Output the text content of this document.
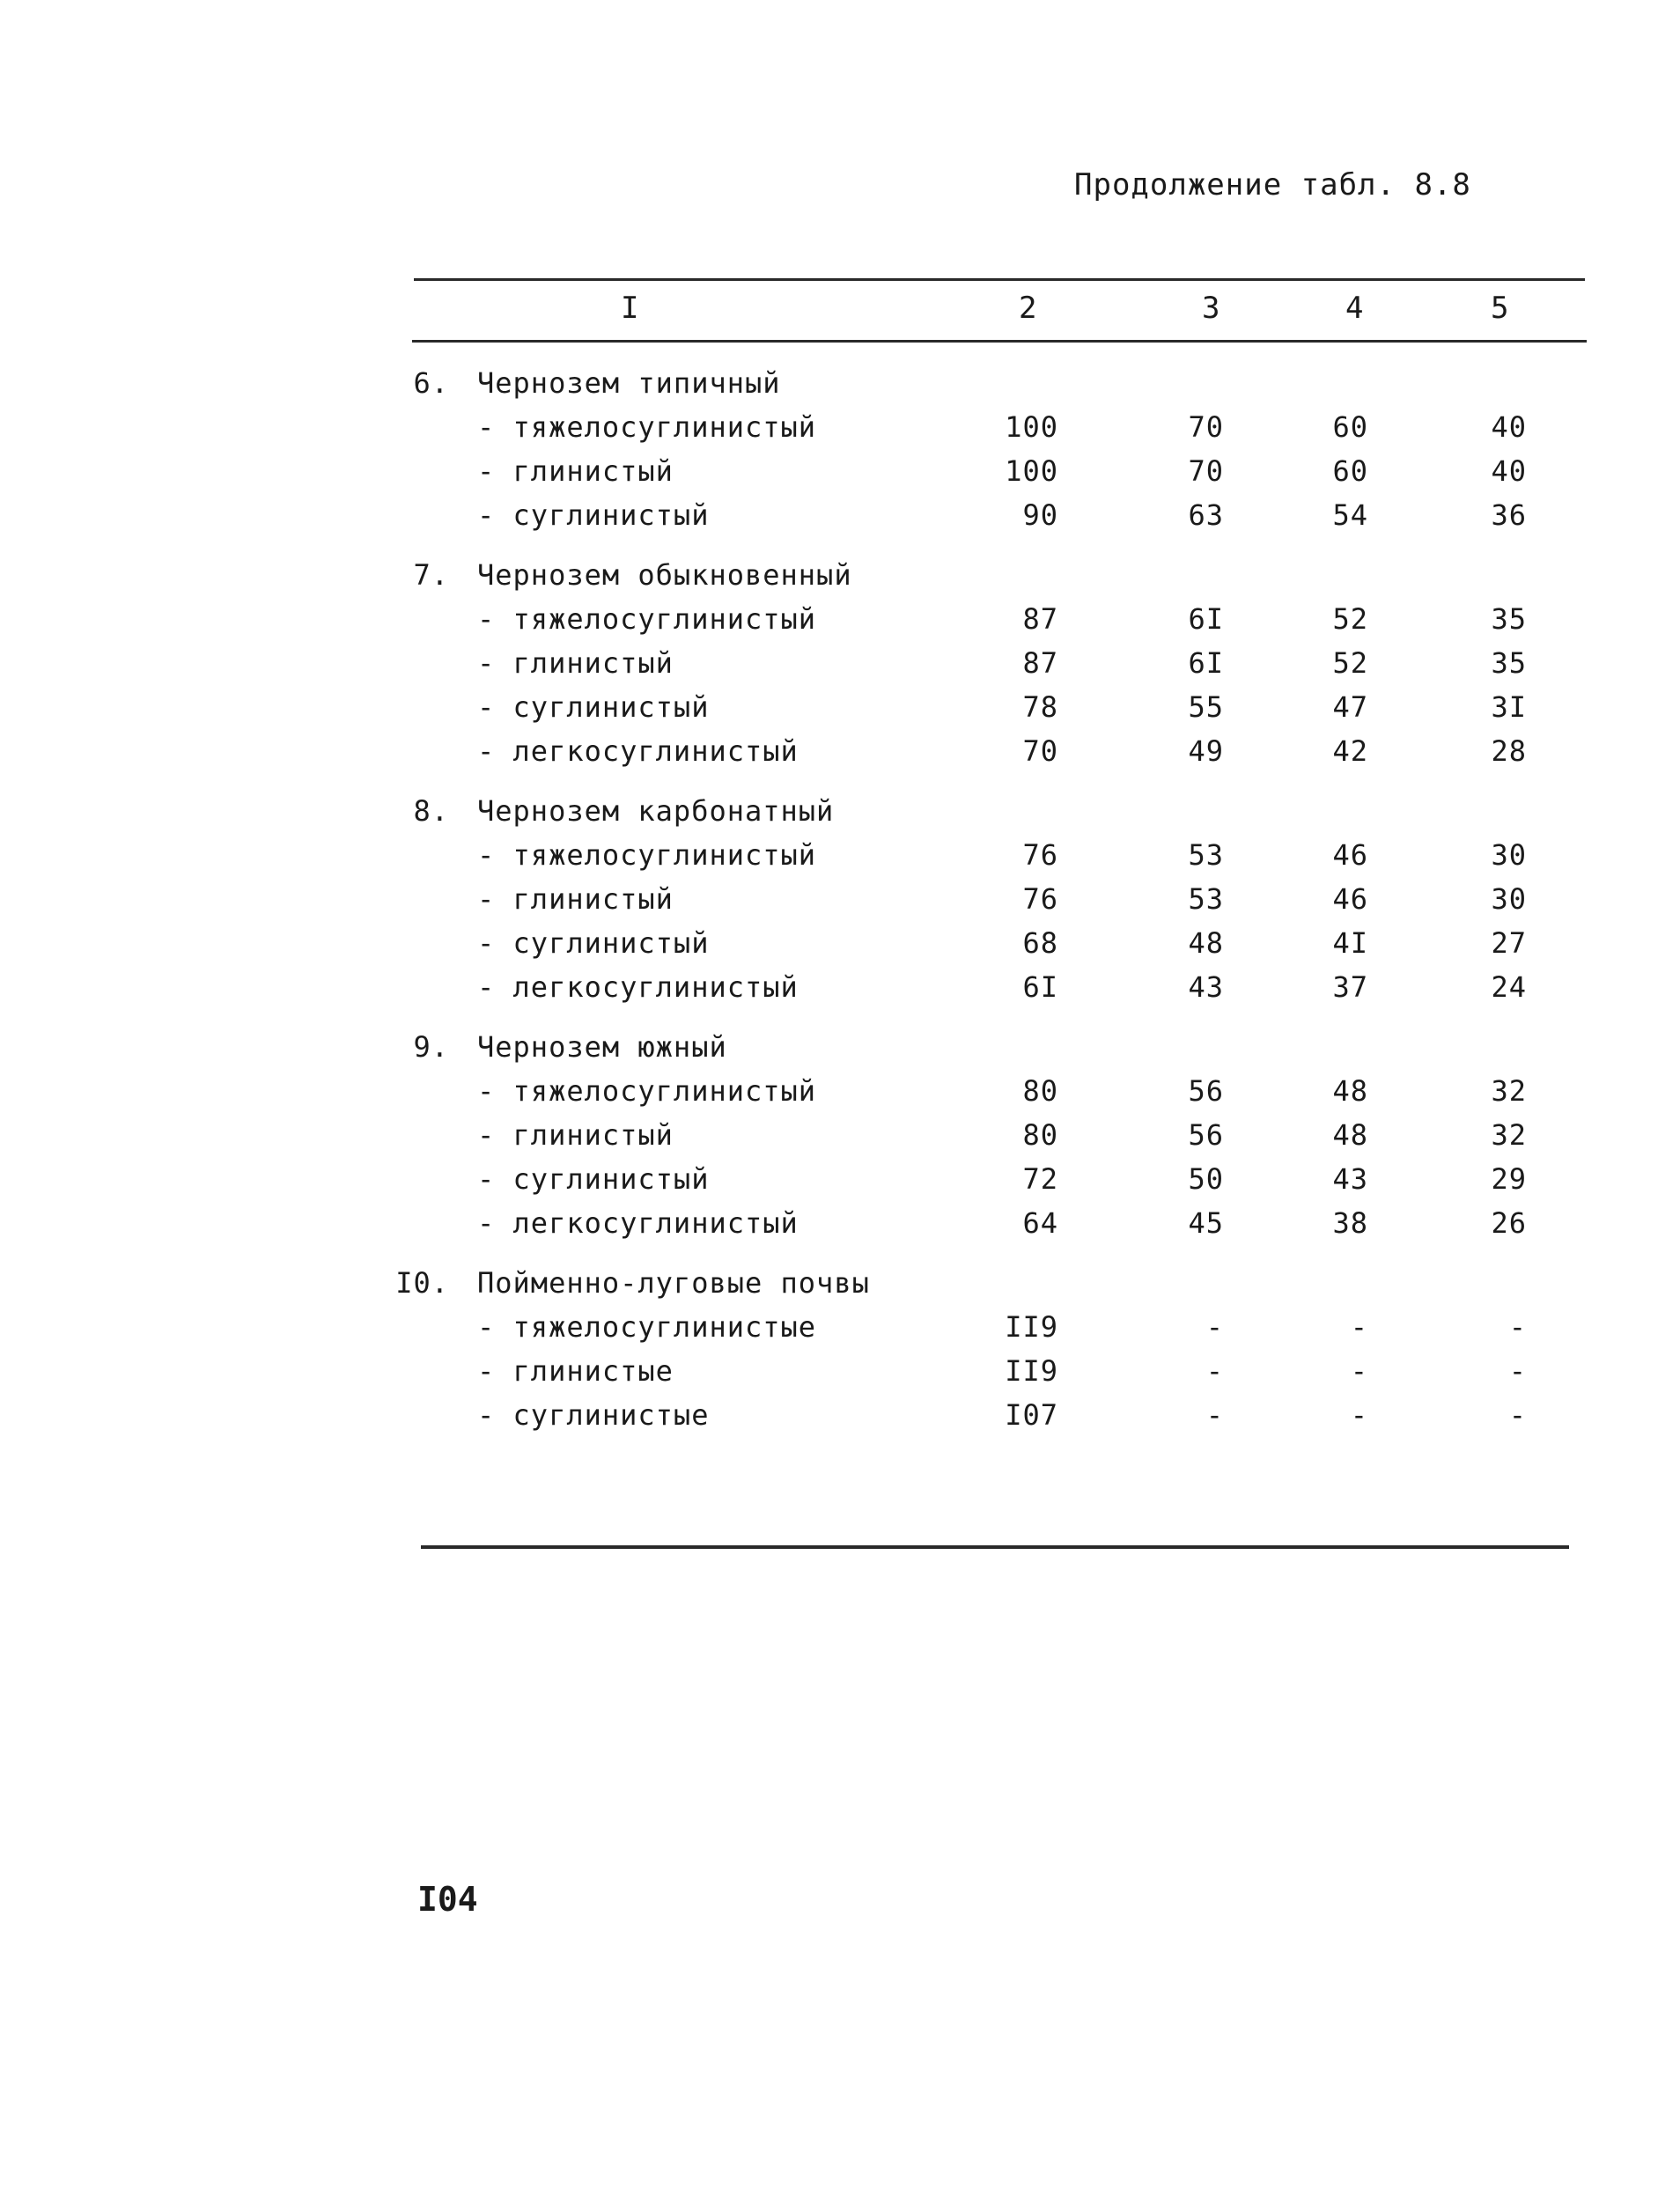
Продолжение табл. 8.8
I	2	3	4	5
6. Чернозем типичный
- тяжелосуглинистый	100	70	60	40
- глинистый	100	70	60	40
- суглинистый	90	63	54	36
7. Чернозем обыкновенный
- тяжелосуглинистый	87	6I	52	35
- глинистый	87	6I	52	35
- суглинистый	78	55	47	3I
- легкосуглинистый	70	49	42	28
8. Чернозем карбонатный
- тяжелосуглинистый	76	53	46	30
- глинистый	76	53	46	30
- суглинистый	68	48	4I	27
- легкосуглинистый	6I	43	37	24
9. Чернозем южный
- тяжелосуглинистый	80	56	48	32
- глинистый	80	56	48	32
- суглинистый	72	50	43	29
- легкосуглинистый	64	45	38	26
I0. Пойменно-луговые почвы
- тяжелосуглинистые	II9	-	-	-
- глинистые	II9	-	-	-
- суглинистые	I07	-	-	-
I04
